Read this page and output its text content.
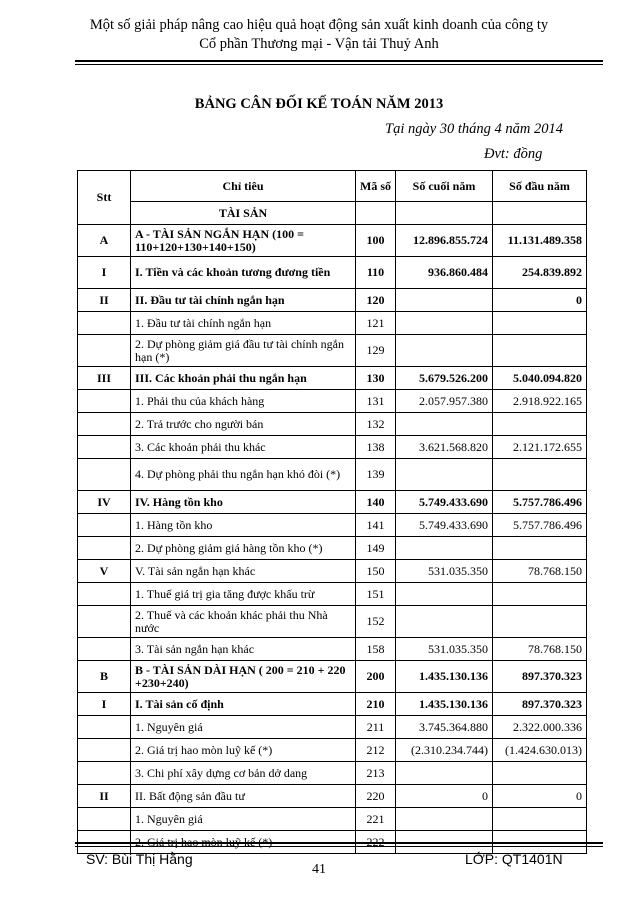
Một số giải pháp nâng cao hiệu quả hoạt động sản xuất kinh doanh của công ty
Cổ phần Thương mại - Vận tải Thuỷ Anh
BẢNG CÂN ĐỐI KẾ TOÁN NĂM 2013
Tại ngày 30 tháng 4 năm 2014
Đvt: đồng
Stt	Chỉ tiêu	Mã số	Số cuối năm	Số đầu năm
	TÀI SẢN			
A	A - TÀI SẢN NGẮN HẠN (100 = 110+120+130+140+150)	100	12.896.855.724	11.131.489.358
I	I. Tiền và các khoản tương đương tiền	110	936.860.484	254.839.892
II	II. Đầu tư tài chính ngắn hạn	120		0
	1. Đầu tư tài chính ngắn hạn	121		
	2. Dự phòng giảm giá đầu tư tài chính ngắn hạn (*)	129		
III	III. Các khoản phải thu ngắn hạn	130	5.679.526.200	5.040.094.820
	1. Phải thu của khách hàng	131	2.057.957.380	2.918.922.165
	2. Trả trước cho người bán	132		
	3. Các khoản phải thu khác	138	3.621.568.820	2.121.172.655
	4. Dự phòng phải thu ngắn hạn khó đòi (*)	139		
IV	IV. Hàng tồn kho	140	5.749.433.690	5.757.786.496
	1. Hàng tồn kho	141	5.749.433.690	5.757.786.496
	2. Dự phòng giảm giá hàng tồn kho (*)	149		
V	V. Tài sản ngắn hạn khác	150	531.035.350	78.768.150
	1. Thuế giá trị gia tăng được khấu trừ	151		
	2. Thuế và các khoản khác phải thu Nhà nước	152		
	3. Tài sản ngắn hạn khác	158	531.035.350	78.768.150
B	B - TÀI SẢN DÀI HẠN ( 200 = 210 + 220 +230+240)	200	1.435.130.136	897.370.323
I	I. Tài sản cố định	210	1.435.130.136	897.370.323
	1. Nguyên giá	211	3.745.364.880	2.322.000.336
	2. Giá trị hao mòn luỹ kế (*)	212	(2.310.234.744)	(1.424.630.013)
	3. Chi phí xây dựng cơ bản dở dang	213		
II	II. Bất động sản đầu tư	220	0	0
	1. Nguyên giá	221		
	2. Giá trị hao mòn luỹ kế (*)	222		
SV: Bùi Thị Hằng	LỚP: QT1401N
41
